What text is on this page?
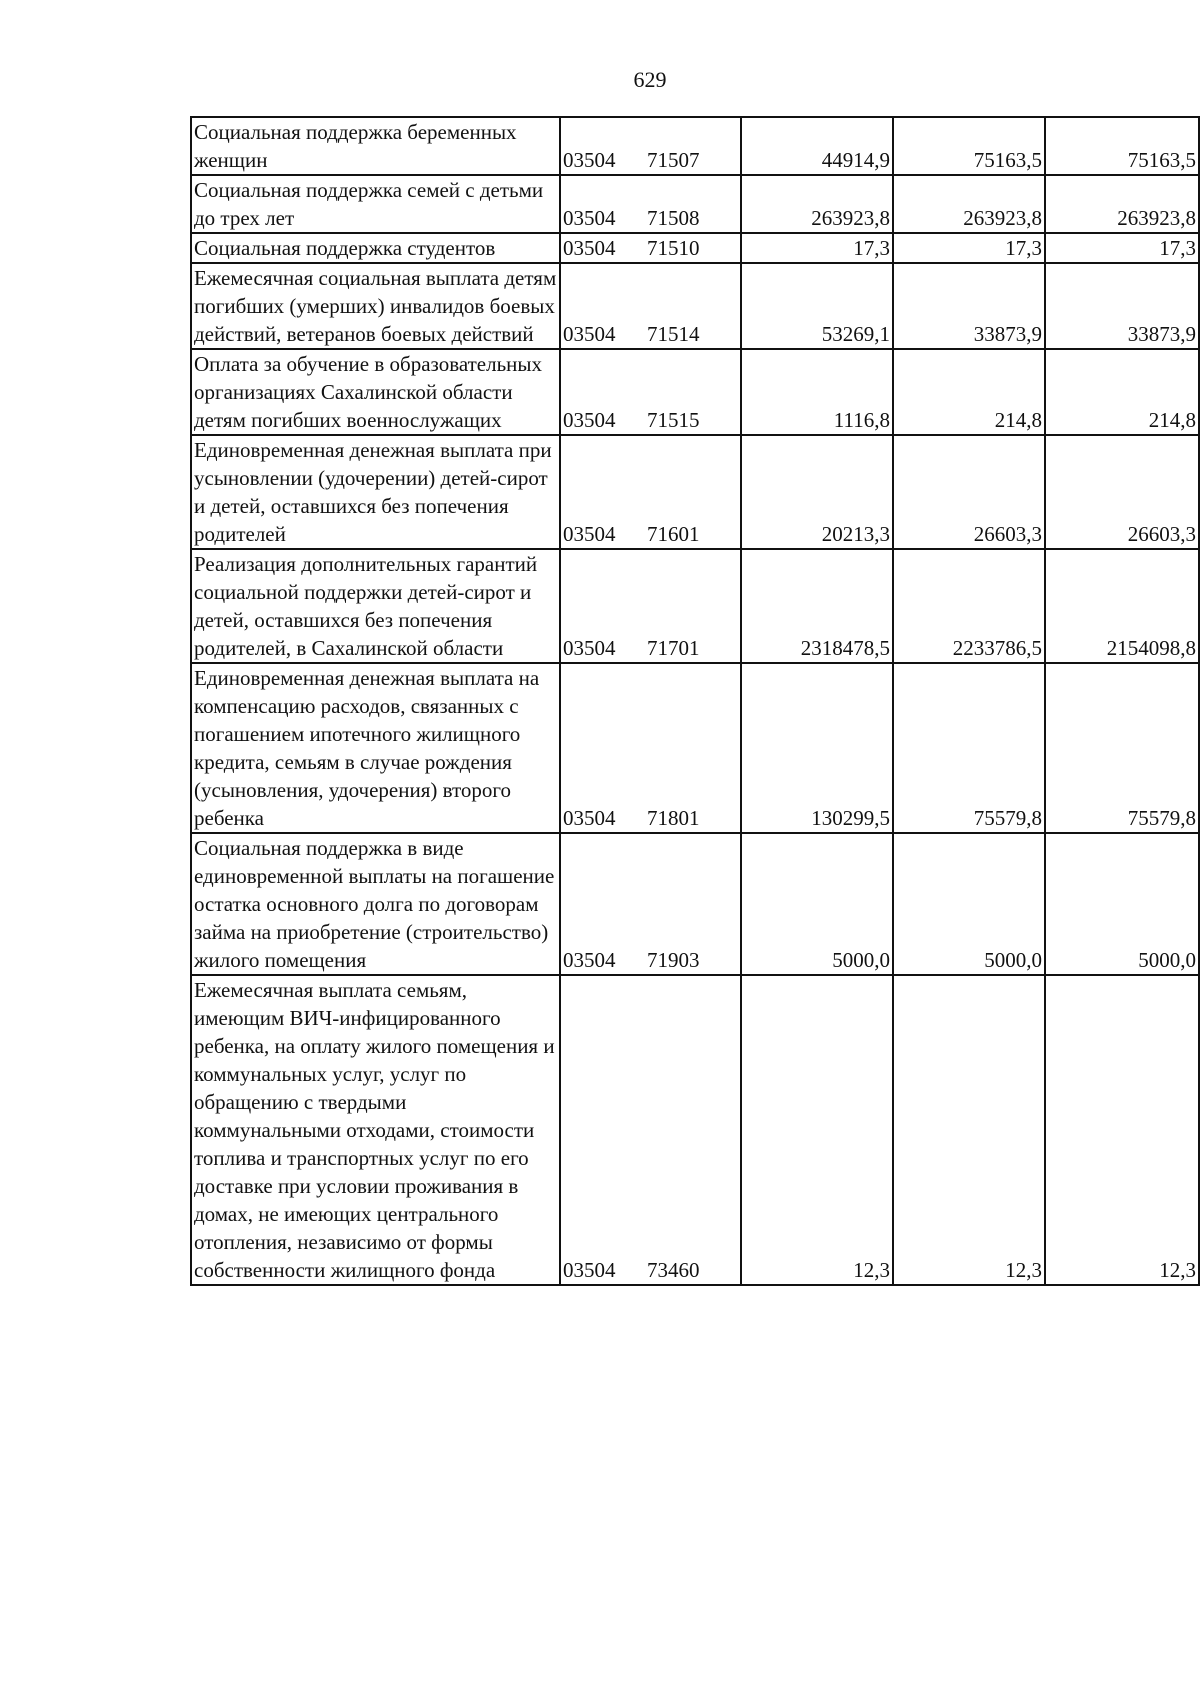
629
Социальная поддержка беременных женщин	03504 71507	44914,9	75163,5	75163,5

Социальная поддержка семей с детьми до трех лет	03504 71508	263923,8	263923,8	263923,8

Социальная поддержка студентов	03504 71510	17,3	17,3	17,3

Ежемесячная социальная выплата детям погибших (умерших) инвалидов боевых действий, ветеранов боевых действий	03504 71514	53269,1	33873,9	33873,9

Оплата за обучение в образовательных организациях Сахалинской области детям погибших военнослужащих	03504 71515	1116,8	214,8	214,8

Единовременная денежная выплата при усыновлении (удочерении) детей-сирот и детей, оставшихся без попечения родителей	03504 71601	20213,3	26603,3	26603,3

Реализация дополнительных гарантий социальной поддержки детей-сирот и детей, оставшихся без попечения родителей, в Сахалинской области	03504 71701	2318478,5	2233786,5	2154098,8

Единовременная денежная выплата на компенсацию расходов, связанных с погашением ипотечного жилищного кредита, семьям в случае рождения (усыновления, удочерения) второго ребенка	03504 71801	130299,5	75579,8	75579,8

Социальная поддержка в виде единовременной выплаты на погашение остатка основного долга по договорам займа на приобретение (строительство) жилого помещения	03504 71903	5000,0	5000,0	5000,0

Ежемесячная выплата семьям, имеющим ВИЧ-инфицированного ребенка, на оплату жилого помещения и коммунальных услуг, услуг по обращению с твердыми коммунальными отходами, стоимости топлива и транспортных услуг по его доставке при условии проживания в домах, не имеющих центрального отопления, независимо от формы собственности жилищного фонда	03504 73460	12,3	12,3	12,3
